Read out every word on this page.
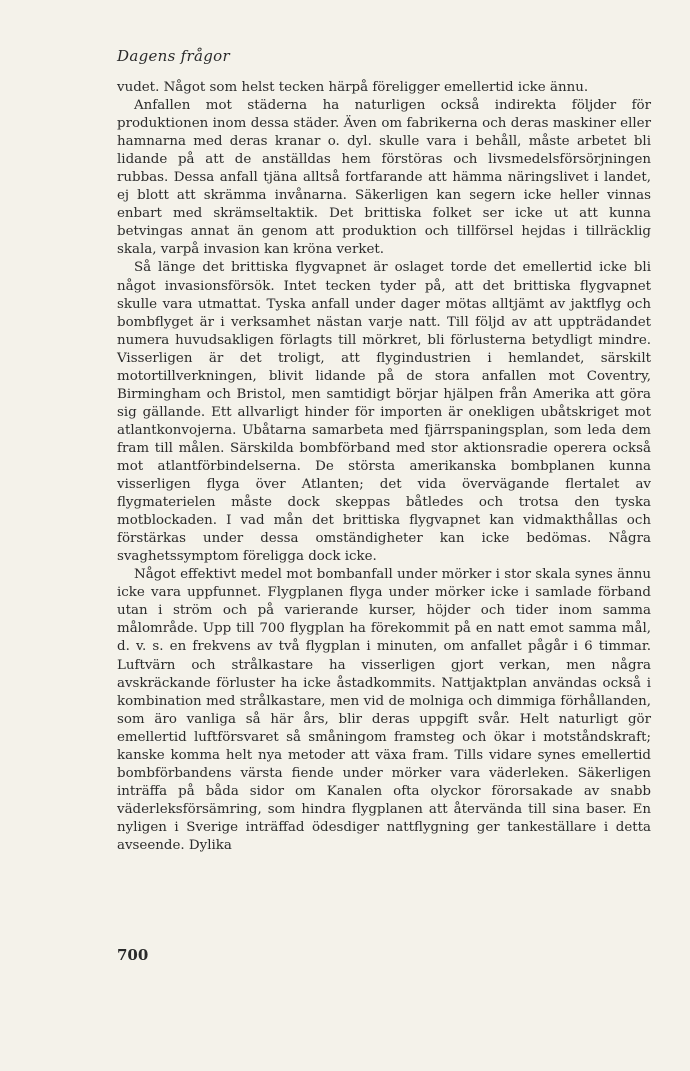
Dagens frågor

vudet. Något som helst tecken härpå föreligger emellertid icke ännu.

Anfallen mot städerna ha naturligen också indirekta följder för produktionen inom dessa städer. Även om fabrikerna och deras maskiner eller hamnarna med deras kranar o. dyl. skulle vara i behåll, måste arbetet bli lidande på att de anställdas hem förstöras och livsmedelsförsörjningen rubbas. Dessa anfall tjäna alltså fortfarande att hämma näringslivet i landet, ej blott att skrämma invånarna. Säkerligen kan segern icke heller vinnas enbart med skrämseltaktik. Det brittiska folket ser icke ut att kunna betvingas annat än genom att produktion och tillförsel hejdas i tillräcklig skala, varpå invasion kan kröna verket.

Så länge det brittiska flygvapnet är oslaget torde det emellertid icke bli något invasionsförsök. Intet tecken tyder på, att det brittiska flygvapnet skulle vara utmattat. Tyska anfall under dager mötas alltjämt av jaktflyg och bombflyget är i verksamhet nästan varje natt. Till följd av att uppträdandet numera huvudsakligen förlagts till mörkret, bli förlusterna betydligt mindre. Visserligen är det troligt, att flygindustrien i hemlandet, särskilt motortillverkningen, blivit lidande på de stora anfallen mot Coventry, Birmingham och Bristol, men samtidigt börjar hjälpen från Amerika att göra sig gällande. Ett allvarligt hinder för importen är onekligen ubåtskriget mot atlantkonvojerna. Ubåtarna samarbeta med fjärrspaningsplan, som leda dem fram till målen. Särskilda bombförband med stor aktionsradie operera också mot atlantförbindelserna. De största amerikanska bombplanen kunna visserligen flyga över Atlanten; det vida övervägande flertalet av flygmaterielen måste dock skeppas båtledes och trotsa den tyska motblockaden. I vad mån det brittiska flygvapnet kan vidmakthållas och förstärkas under dessa omständigheter kan icke bedömas. Några svaghetssymptom föreligga dock icke.

Något effektivt medel mot bombanfall under mörker i stor skala synes ännu icke vara uppfunnet. Flygplanen flyga under mörker icke i samlade förband utan i ström och på varierande kurser, höjder och tider inom samma målområde. Upp till 700 flygplan ha förekommit på en natt emot samma mål, d. v. s. en frekvens av två flygplan i minuten, om anfallet pågår i 6 timmar. Luftvärn och strålkastare ha visserligen gjort verkan, men några avskräckande förluster ha icke åstadkommits. Nattjaktplan användas också i kombination med strålkastare, men vid de molniga och dimmiga förhållanden, som äro vanliga så här års, blir deras uppgift svår. Helt naturligt gör emellertid luftförsvaret så småningom framsteg och ökar i motståndskraft; kanske komma helt nya metoder att växa fram. Tills vidare synes emellertid bombförbandens värsta fiende under mörker vara väderleken. Säkerligen inträffa på båda sidor om Kanalen ofta olyckor förorsakade av snabb väderleksförsämring, som hindra flygplanen att återvända till sina baser. En nyligen i Sverige inträffad ödesdiger nattflygning ger tankeställare i detta avseende. Dylika

700
